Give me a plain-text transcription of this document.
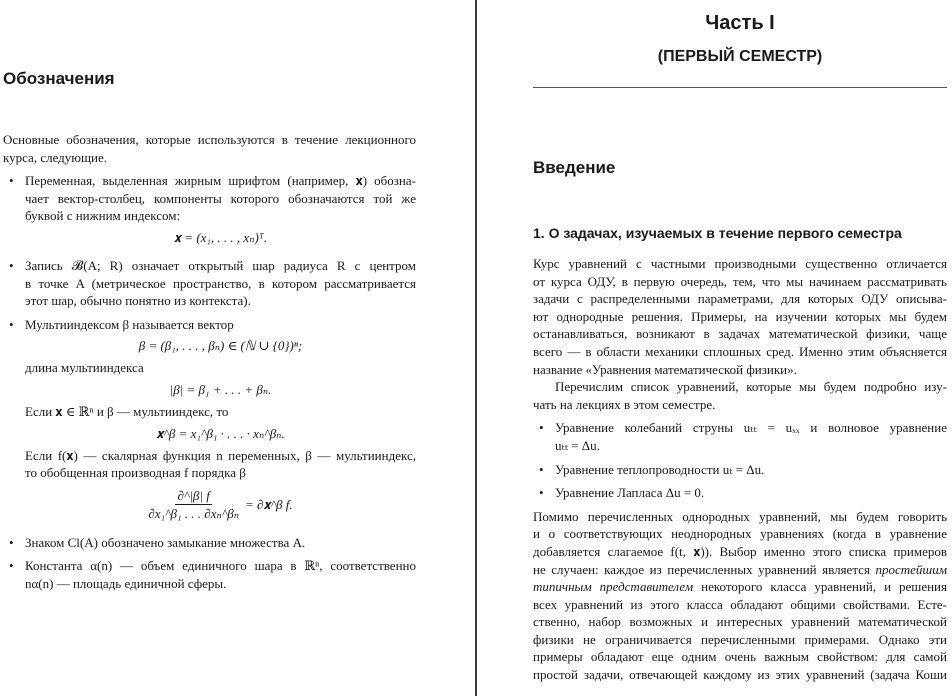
Обозначения
Основные обозначения, которые используются в течение лекционного
курса, следующие.
• Переменная, выделенная жирным шрифтом (например, 𝐱) обозна-
чает вектор-столбец, компоненты которого обозначаются той же
буквой с нижним индексом:
𝐱 = (x₁, . . . , xₙ)ᵀ.
• Запись 𝓑(A; R) означает открытый шар радиуса R с центром
в точке A (метрическое пространство, в котором рассматривается
этот шар, обычно понятно из контекста).
• Мультииндексом β называется вектор
β = (β₁, . . . , βₙ) ∈ (ℕ ∪ {0})ⁿ;
длина мультииндекса
|β| = β₁ + . . . + βₙ.
Если 𝐱 ∈ ℝⁿ и β — мультииндекс, то
𝐱^β = x₁^β₁ · . . . · xₙ^βₙ.
Если f(𝐱) — скалярная функция n переменных, β — мультииндекс,
то обобщенная производная f порядка β
$\frac{\partial\^{}|\beta| f}{\text{∂x₁\textasciicircum{}β₁ . . . ∂xₙ\textasciicircum{}βₙ}}$ = ∂𝐱^β f.
• Знаком Cl(A) обозначено замыкание множества A.
• Константа α(n) — объем единичного шара в ℝⁿ, соответственно
nα(n) — площадь единичной сферы.
Часть I
(ПЕРВЫЙ СЕМЕСТР)
Введение
1. О задачах, изучаемых в течение первого семестра
Курс уравнений с частными производными существенно отличается
от курса ОДУ, в первую очередь, тем, что мы начинаем рассматривать
задачи с распределенными параметрами, для которых ОДУ описыва-
ют однородные решения. Примеры, на изучении которых мы будем
останавливаться, возникают в задачах математической физики, чаще
всего — в области механики сплошных сред. Именно этим объясняется
название «Уравнения математической физики».
Перечислим список уравнений, которые мы будем подробно изу-
чать на лекциях в этом семестре.
• Уравнение колебаний струны uₜₜ = uₓₓ и волновое уравнение
uₜₜ = Δu.
• Уравнение теплопроводности uₜ = Δu.
• Уравнение Лапласа Δu = 0.
Помимо перечисленных однородных уравнений, мы будем говорить
и о соответствующих неоднородных уравнениях (когда в уравнение
добавляется слагаемое f(t, 𝐱)). Выбор именно этого списка примеров
не случаен: каждое из перечисленных уравнений является простейшим
типичным представителем некоторого класса уравнений, и решения
всех уравнений из этого класса обладают общими свойствами. Есте-
ственно, набор возможных и интересных уравнений математической
физики не ограничивается перечисленными примерами. Однако эти
примеры обладают еще одним очень важным свойством: для самой
простой задачи, отвечающей каждому из этих уравнений (задача Коши
